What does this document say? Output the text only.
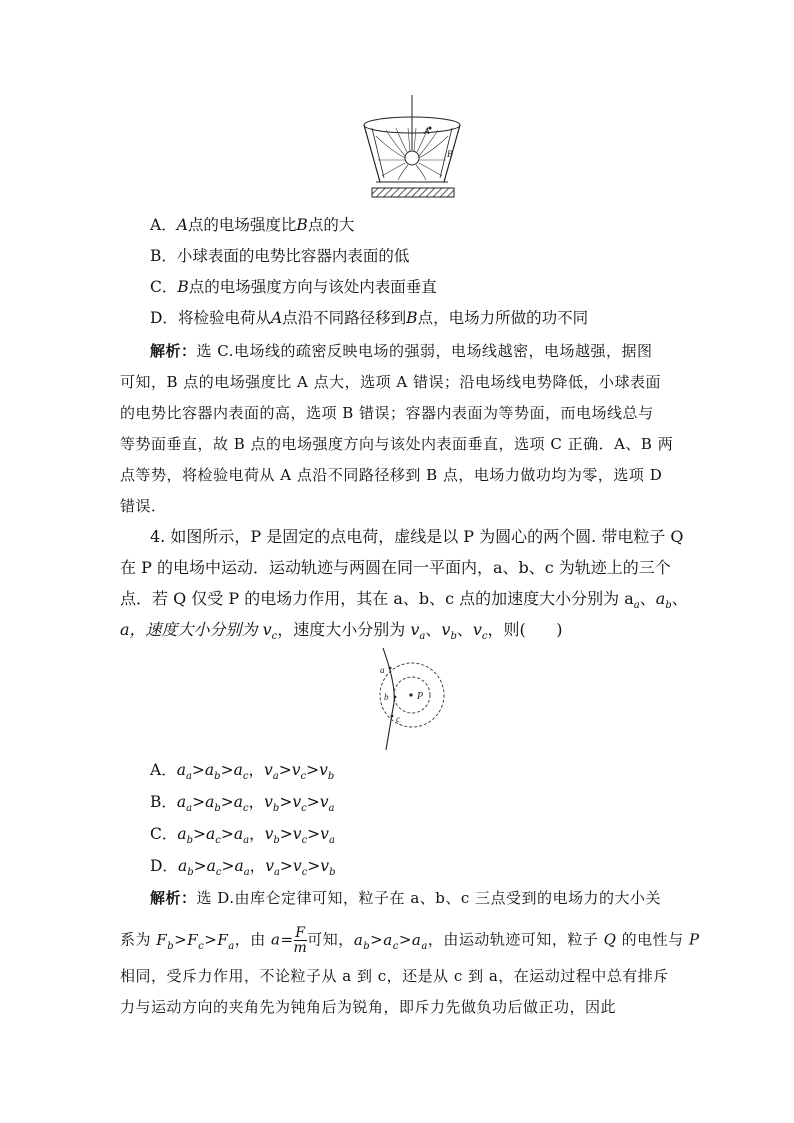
A
B
A．A点的电场强度比B点的大
B．小球表面的电势比容器内表面的低
C．B点的电场强度方向与该处内表面垂直
D．将检验电荷从A点沿不同路径移到B点，电场力所做的功不同
解析：选 C.电场线的疏密反映电场的强弱，电场线越密，电场越强，据图
可知，B 点的电场强度比 A 点大，选项 A 错误；沿电场线电势降低，小球表面
的电势比容器内表面的高，选项 B 错误；容器内表面为等势面，而电场线总与
等势面垂直，故 B 点的电场强度方向与该处内表面垂直，选项 C 正确．A、B 两
点等势，将检验电荷从 A 点沿不同路径移到 B 点，电场力做功均为零，选项 D
错误．
4. 如图所示，P 是固定的点电荷，虚线是以 P 为圆心的两个圆. 带电粒子 Q
在 P 的电场中运动．运动轨迹与两圆在同一平面内，a、b、c 为轨迹上的三个
点．若 Q 仅受 P 的电场力作用，其在 a、b、c 点的加速度大小分别为 $a_a$、$a_b$、
a，速度大小分别为 $v_c$，速度大小分别为 $v_a$、$v_b$、$v_c$，则(      )
a
b
c
P
A．$a_a>a_b>a_c$，$v_a>v_c>v_b$
B．$a_a>a_b>a_c$，$v_b>v_c>v_a$
C．$a_b>a_c>a_a$，$v_b>v_c>v_a$
D．$a_b>a_c>a_a$，$v_a>v_c>v_b$
解析：选 D.由库仑定律可知，粒子在 a、b、c 三点受到的电场力的大小关
系为 $F_b>F_c>F_a$，由 $a= \frac{F}{m}$ 可知，$a_b>a_c>a_a$，由运动轨迹可知，粒子 Q 的电性与 P
相同，受斥力作用，不论粒子从 a 到 c，还是从 c 到 a，在运动过程中总有排斥
力与运动方向的夹角先为钝角后为锐角，即斥力先做负功后做正功，因此
